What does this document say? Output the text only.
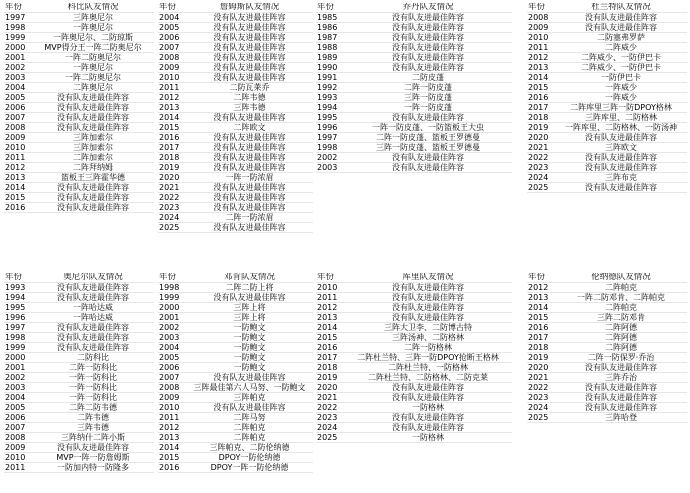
年份	科比队友情况
1997	三阵奥尼尔
1998	一阵奥尼尔
1999	一阵奥尼尔、二防琼斯
2000	MVP得分王一阵二防奥尼尔
2001	一阵二防奥尼尔
2002	一阵奥尼尔
2003	一阵二防奥尼尔
2004	二阵奥尼尔
2005	没有队友进最佳阵容
2006	没有队友进最佳阵容
2007	没有队友进最佳阵容
2008	没有队友进最佳阵容
2009	三阵加索尔
2010	三阵加索尔
2011	二阵加索尔
2012	二阵拜纳姆
2013	篮板王三阵霍华德
2014	没有队友进最佳阵容
2015	没有队友进最佳阵容
2016	没有队友进最佳阵容
年份	詹姆斯队友情况
2004	没有队友进最佳阵容
2005	没有队友进最佳阵容
2006	没有队友进最佳阵容
2007	没有队友进最佳阵容
2008	没有队友进最佳阵容
2009	没有队友进最佳阵容
2010	没有队友进最佳阵容
2011	二防瓦莱乔
2012	二阵韦德
2013	三阵韦德
2014	没有队友进最佳阵容
2015	二阵欧文
2016	没有队友进最佳阵容
2017	没有队友进最佳阵容
2018	没有队友进最佳阵容
2019	没有队友进最佳阵容
2020	一阵一防浓眉
2021	没有队友进最佳阵容
2022	没有队友进最佳阵容
2023	没有队友进最佳阵容
2024	二阵一防浓眉
2025	没有队友进最佳阵容
年份	乔丹队友情况
1985	没有队友进最佳阵容
1986	没有队友进最佳阵容
1987	没有队友进最佳阵容
1988	没有队友进最佳阵容
1989	没有队友进最佳阵容
1990	没有队友进最佳阵容
1991	二防皮蓬
1992	二阵一防皮蓬
1993	三阵一防皮蓬
1994	一阵一防皮蓬
1995	没有队友进最佳阵容
1996	一阵一防皮蓬、一防篮板王大虫
1997	二阵一防皮蓬、篮板王罗德曼
1998	三阵一防皮蓬、篮板王罗德曼
2002	没有队友进最佳阵容
2003	没有队友进最佳阵容
年份	杜兰特队友情况
2008	没有队友进最佳阵容
2009	没有队友进最佳阵容
2010	二防塞弗罗萨
2011	二阵威少
2012	二阵威少、一防伊巴卡
2013	二阵威少、一防伊巴卡
2014	一防伊巴卡
2015	一阵威少
2016	一阵威少
2017	二阵库里三阵一防DPOY格林
2018	三阵库里、二防格林
2019	一阵库里、二防格林、一防汤神
2020	没有队友进最佳阵容
2021	三阵欧文
2022	没有队友进最佳阵容
2023	没有队友进最佳阵容
2024	三阵布克
2025	没有队友进最佳阵容
年份	奥尼尔队友情况
1993	没有队友进最佳阵容
1994	没有队友进最佳阵容
1995	一阵哈达威
1996	一阵哈达威
1997	没有队友进最佳阵容
1998	没有队友进最佳阵容
1999	没有队友进最佳阵容
2000	二防科比
2001	二阵一防科比
2002	一阵一防科比
2003	一阵一防科比
2004	一阵一防科比
2005	二阵二防韦德
2006	二阵韦德
2007	三阵韦德
2008	三阵纳什二阵小斯
2009	没有队友进最佳阵容
2010	MVP一阵一防詹姆斯
2011	一防加内特一防隆多
年份	邓肯队友情况
1998	二阵二防上将
1999	没有队友进最佳阵容
2000	三阵上将
2001	三阵上将
2002	一防鲍文
2003	一防鲍文
2004	一防鲍文
2005	一防鲍文
2006	一防鲍文
2007	没有队友进最佳阵容
2008	三阵最佳第六人马努、一防鲍文
2009	三阵帕克
2010	没有队友进最佳阵容
2011	二阵马努
2012	二阵帕克
2013	二阵帕克
2014	三阵帕克、二防伦纳德
2015	DPOY一防伦纳德
2016	DPOY一阵一防伦纳德
年份	库里队友情况
2010	没有队友进最佳阵容
2011	没有队友进最佳阵容
2012	没有队友进最佳阵容
2013	没有队友进最佳阵容
2014	三阵大卫李、二防博古特
2015	三阵汤神、二防格林
2016	二阵一防格林
2017	二阵杜兰特、三阵一防DPOY抢断王格林
2018	二阵杜兰特、一防格林
2019	二阵杜兰特、二防格林、二防克莱
2020	没有队友进最佳阵容
2021	没有队友进最佳阵容
2022	一防格林
2023	没有队友进最佳阵容
2024	没有队友进最佳阵容
2025	一防格林
年份	伦纳德队友情况
2012	二阵帕克
2013	一阵二防邓肯、二阵帕克
2014	二阵帕克
2015	三阵二防邓肯
2016	二阵阿德
2017	二阵阿德
2018	二阵阿德
2019	二阵一防保罗·乔治
2020	没有队友进最佳阵容
2021	三阵乔治
2022	没有队友进最佳阵容
2023	没有队友进最佳阵容
2024	没有队友进最佳阵容
2025	三阵哈登
